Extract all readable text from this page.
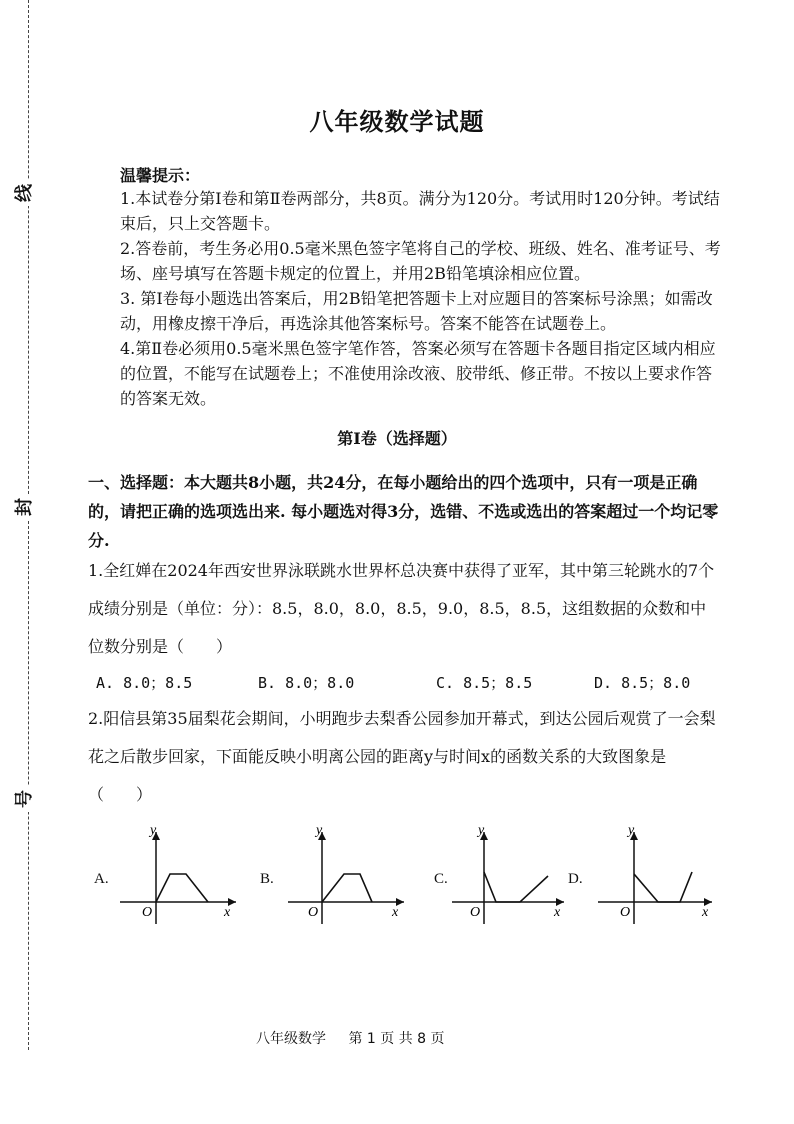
线
封
号
八年级数学试题
温馨提示：
1.本试卷分第Ⅰ卷和第Ⅱ卷两部分，共8页。满分为120分。考试用时120分钟。考试结束后，只上交答题卡。
2.答卷前，考生务必用0.5毫米黑色签字笔将自己的学校、班级、姓名、准考证号、考场、座号填写在答题卡规定的位置上，并用2B铅笔填涂相应位置。
3. 第Ⅰ卷每小题选出答案后，用2B铅笔把答题卡上对应题目的答案标号涂黑；如需改动，用橡皮擦干净后，再选涂其他答案标号。答案不能答在试题卷上。
4.第Ⅱ卷必须用0.5毫米黑色签字笔作答，答案必须写在答题卡各题目指定区域内相应的位置，不能写在试题卷上；不准使用涂改液、胶带纸、修正带。不按以上要求作答的答案无效。
第Ⅰ卷（选择题）
一、选择题：本大题共8小题，共24分，在每小题给出的四个选项中，只有一项是正确的，请把正确的选项选出来. 每小题选对得3分，选错、不选或选出的答案超过一个均记零分.
1.全红婵在2024年西安世界泳联跳水世界杯总决赛中获得了亚军，其中第三轮跳水的7个成绩分别是（单位：分）：8.5，8.0，8.0，8.5，9.0，8.5，8.5，这组数据的众数和中位数分别是（　　）
A. 8.0；8.5	B. 8.0；8.0	C. 8.5；8.5	D. 8.5；8.0
2.阳信县第35届梨花会期间，小明跑步去梨香公园参加开幕式，到达公园后观赏了一会梨花之后散步回家，下面能反映小明离公园的距离y与时间x的函数关系的大致图象是（　　）
A.
y
x
O
B.
y
x
O
C.
y
x
O
D.
y
x
O
八年级数学 第 1 页 共 8 页
